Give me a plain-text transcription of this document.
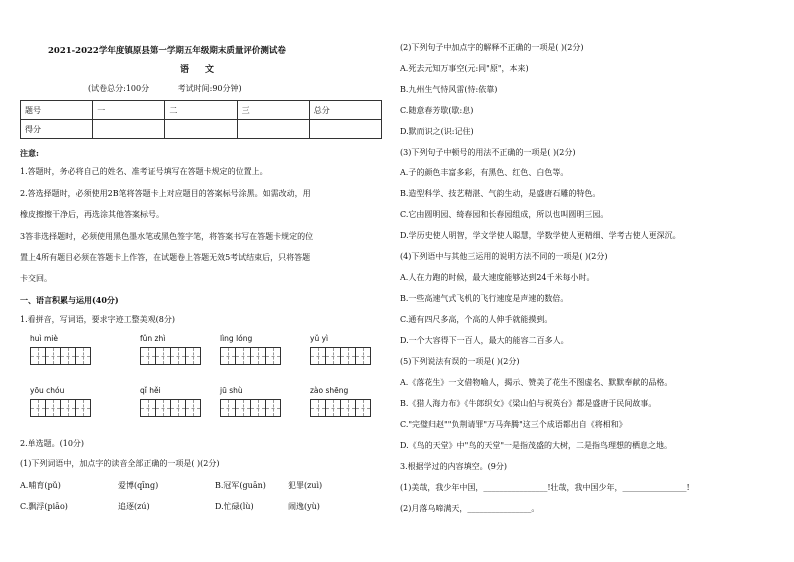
2021-2022学年度镇原县第一学期五年级期末质量评价测试卷
语文
(试卷总分:100分	考试时间:90分钟)
题号	一	二	三	总分
得分				
注意:
1.答题时，务必将自己的姓名、准考证号填写在答题卡规定的位置上。
2.答选择题时，必须使用2B笔将答题卡上对应题目的答案标号涂黑。如需改动，用
橡皮擦擦干净后，再选涂其他答案标号。
3答非选择题时，必须使用黑色墨水笔或黑色签字笔，将答案书写在答题卡规定的位
置上4所有题目必须在答题卡上作答，在试题卷上答题无效5考试结束后，只将答题
卡交回。
一、语言积累与运用(40分)
1.看拼音，写词语，要求字迹工整美观(8分)
huì miè	fǔn zhì	lìng lóng	yǔ yì
yōu chóu	qǐ hěi	jū shù	zào shēng
2.单选题。(10分)
(1)下列词语中，加点字的读音全部正确的一项是( )(2分)
A.哺育(pǔ)	爱博(qīng)	B.冠军(guān)	犯罪(zuì)
C.飘浮(piāo)	追逐(zú)	D.忙碌(lù)	闹逸(yù)
(2)下列句子中加点字的解释不正确的一项是( )(2分)
A.死去元知万事空(元:同"原"，本来)
B.九州生气恃风雷(恃:依靠)
C.随意春芳歇(歇:息)
D.默而识之(识:记住)
(3)下列句子中顿号的用法不正确的一项是( )(2分)
A.子的颜色丰富多彩，有黑色、红色、白色等。
B.造型科学、技艺精湛、气韵生动，是盛唐石雕的特色。
C.它由圆明园、绮春园和长春园组成，所以也叫圆明三园。
D.学历史使人明智，学文学使人聪慧，学数学使人更精细、学考古使人更深沉。
(4)下列语中与其他三运用的说明方法不同的一项是( )(2分)
A.人在力跑的时候，最大速度能够达到24千米每小时。
B.一些高速气式飞机的飞行速度是声速的数倍。
C.通有四尺多高，个高的人伸手就能摸到。
D.一个大容得下一百人，最大的能容二百多人。
(5)下列说法有误的一项是( )(2分)
A.《落花生》一文借物喻人，揭示、赞美了花生不图虚名、默默奉献的品格。
B.《猎人海力布》《牛郎织女》《梁山伯与祝英台》都是盛唐于民间故事。
C."完璧归赵""负荆请罪"万马奔腾"这三个成语都出自《将相和》
D.《鸟的天堂》中"鸟的天堂"一是指茂盛的大树，二是指鸟理想的栖息之地。
3.根据学过的内容填空。(9分)
(1)美哉，我少年中国，________________!壮哉，我中国少年，________________!
(2)月落乌啼满天，________________。
